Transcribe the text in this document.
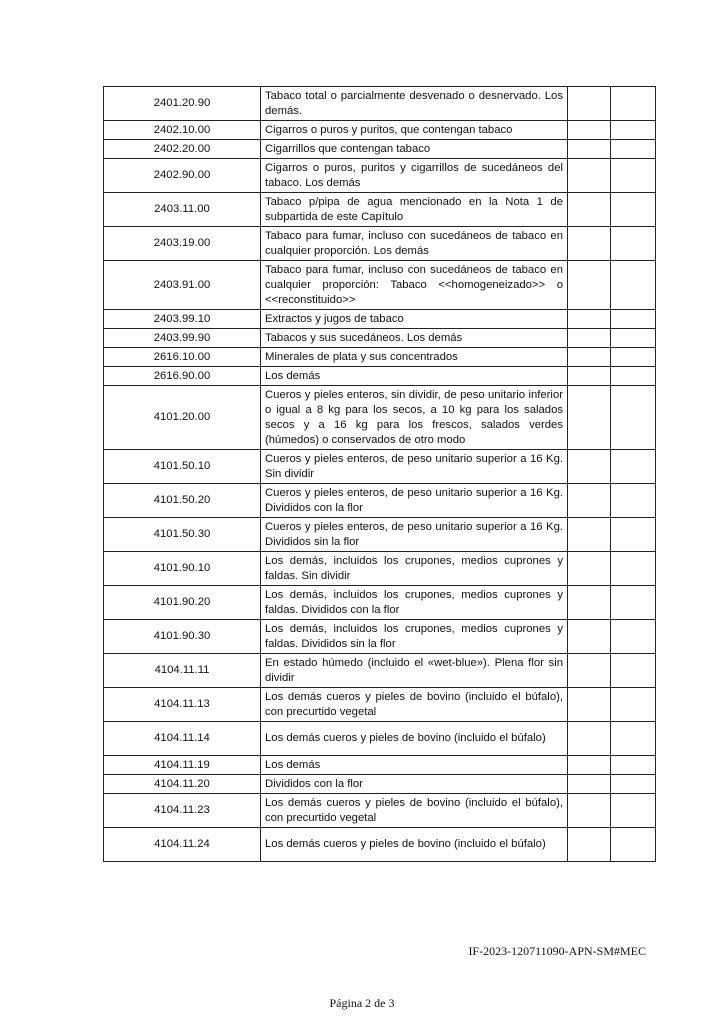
2401.20.90	Tabaco total o parcialmente desvenado o desnervado. Los demás.		
2402.10.00	Cigarros o puros y puritos, que contengan tabaco		
2402.20.00	Cigarrillos que contengan tabaco		
2402.90.00	Cigarros o puros, puritos y cigarrillos de sucedáneos del tabaco. Los demás		
2403.11.00	Tabaco p/pipa de agua mencionado en la Nota 1 de subpartida de este Capítulo		
2403.19.00	Tabaco para fumar, incluso con sucedáneos de tabaco en cualquier proporción. Los demás		
2403.91.00	Tabaco para fumar, incluso con sucedáneos de tabaco en cualquier proporción: Tabaco <<homogeneizado>> o <<reconstituido>>		
2403.99.10	Extractos y jugos de tabaco		
2403.99.90	Tabacos y sus sucedáneos. Los demás		
2616.10.00	Minerales de plata y sus concentrados		
2616.90.00	Los demás		
4101.20.00	Cueros y pieles enteros, sin dividir, de peso unitario inferior o igual a 8 kg para los secos, a 10 kg para los salados secos y a 16 kg para los frescos, salados verdes (húmedos) o conservados de otro modo		
4101.50.10	Cueros y pieles enteros, de peso unitario superior a 16 Kg. Sin dividir		
4101.50.20	Cueros y pieles enteros, de peso unitario superior a 16 Kg. Divididos con la flor		
4101.50.30	Cueros y pieles enteros, de peso unitario superior a 16 Kg. Divididos sin la flor		
4101.90.10	Los demás, incluidos los crupones, medios cuprones y faldas. Sin dividir		
4101.90.20	Los demás, incluidos los crupones, medios cuprones y faldas. Divididos con la flor		
4101.90.30	Los demás, incluidos los crupones, medios cuprones y faldas. Divididos sin la flor		
4104.11.11	En estado húmedo (incluido el «wet-blue»). Plena flor sin dividir		
4104.11.13	Los demás cueros y pieles de bovino (incluido el búfalo), con precurtido vegetal		
4104.11.14	Los demás cueros y pieles de bovino (incluido el búfalo)		
4104.11.19	Los demás		
4104.11.20	Divididos con la flor		
4104.11.23	Los demás cueros y pieles de bovino (incluido el búfalo), con precurtido vegetal		
4104.11.24	Los demás cueros y pieles de bovino (incluido el búfalo)		
IF-2023-120711090-APN-SM#MEC
Página 2 de 3
